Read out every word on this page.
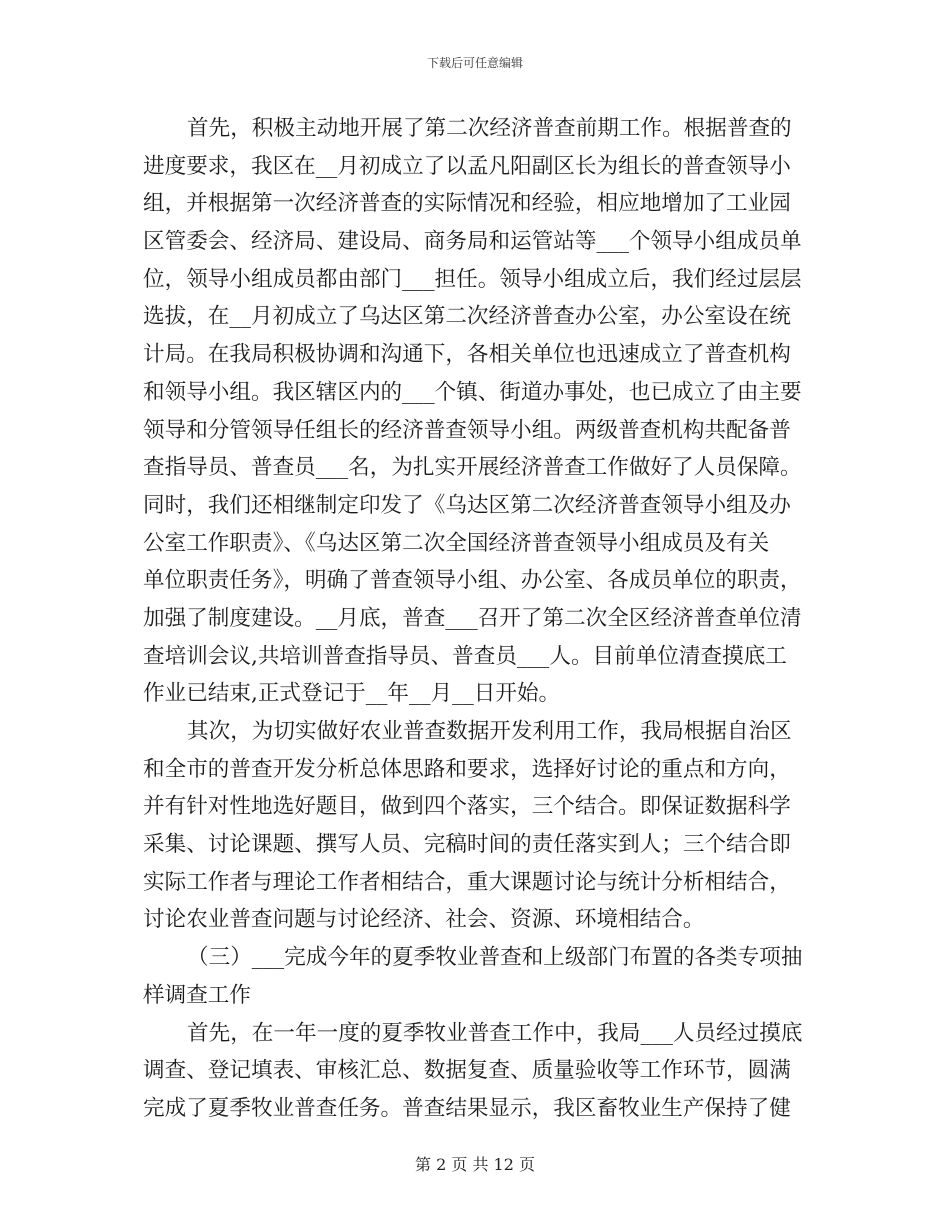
下载后可任意编辑
首先，积极主动地开展了第二次经济普查前期工作。根据普查的
进度要求，我区在__月初成立了以孟凡阳副区长为组长的普查领导小
组，并根据第一次经济普查的实际情况和经验，相应地增加了工业园
区管委会、经济局、建设局、商务局和运管站等___个领导小组成员单
位，领导小组成员都由部门___担任。领导小组成立后，我们经过层层
选拔，在__月初成立了乌达区第二次经济普查办公室，办公室设在统
计局。在我局积极协调和沟通下，各相关单位也迅速成立了普查机构
和领导小组。我区辖区内的___个镇、街道办事处，也已成立了由主要
领导和分管领导任组长的经济普查领导小组。两级普查机构共配备普
查指导员、普查员___名，为扎实开展经济普查工作做好了人员保障。
同时，我们还相继制定印发了《乌达区第二次经济普查领导小组及办
公室工作职责》、《乌达区第二次全国经济普查领导小组成员及有关
单位职责任务》，明确了普查领导小组、办公室、各成员单位的职责，
加强了制度建设。__月底，普查___召开了第二次全区经济普查单位清
查培训会议,共培训普查指导员、普查员___人。目前单位清查摸底工
作业已结束,正式登记于__年__月__日开始。
其次，为切实做好农业普查数据开发利用工作，我局根据自治区
和全市的普查开发分析总体思路和要求，选择好讨论的重点和方向，
并有针对性地选好题目，做到四个落实，三个结合。即保证数据科学
采集、讨论课题、撰写人员、完稿时间的责任落实到人；三个结合即
实际工作者与理论工作者相结合，重大课题讨论与统计分析相结合，
讨论农业普查问题与讨论经济、社会、资源、环境相结合。
（三）___完成今年的夏季牧业普查和上级部门布置的各类专项抽
样调查工作
首先，在一年一度的夏季牧业普查工作中，我局___人员经过摸底
调查、登记填表、审核汇总、数据复查、质量验收等工作环节，圆满
完成了夏季牧业普查任务。普查结果显示，我区畜牧业生产保持了健
第 2 页 共 12 页
